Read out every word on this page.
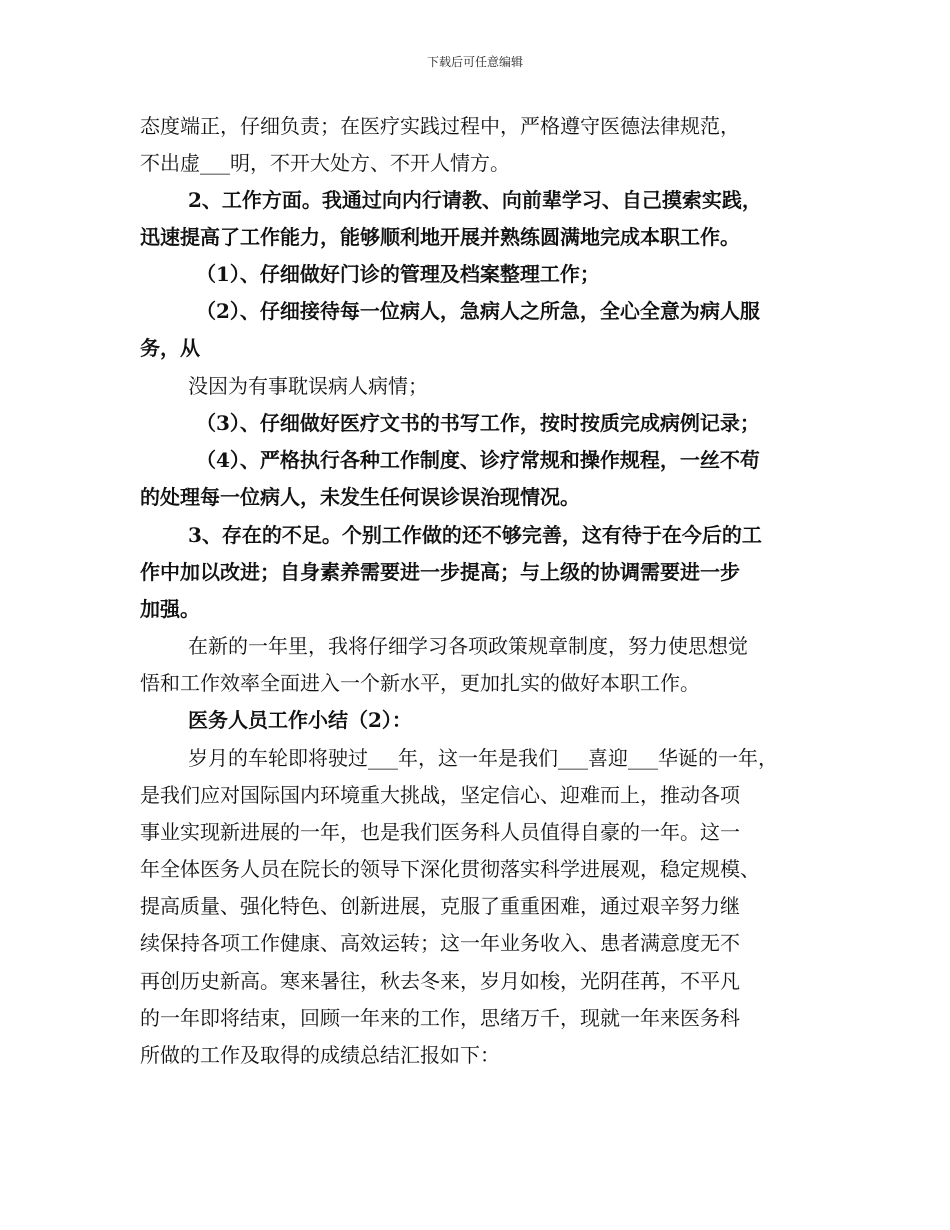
下载后可任意编辑
态度端正，仔细负责；在医疗实践过程中，严格遵守医德法律规范，
不出虚___明，不开大处方、不开人情方。
2、工作方面。我通过向内行请教、向前辈学习、自己摸索实践，
迅速提高了工作能力，能够顺利地开展并熟练圆满地完成本职工作。
（1）、仔细做好门诊的管理及档案整理工作；
（2）、仔细接待每一位病人，急病人之所急，全心全意为病人服
务，从
没因为有事耽误病人病情；
（3）、仔细做好医疗文书的书写工作，按时按质完成病例记录；
（4）、严格执行各种工作制度、诊疗常规和操作规程，一丝不苟
的处理每一位病人，未发生任何误诊误治现情况。
3、存在的不足。个别工作做的还不够完善，这有待于在今后的工
作中加以改进；自身素养需要进一步提高；与上级的协调需要进一步
加强。
在新的一年里，我将仔细学习各项政策规章制度，努力使思想觉
悟和工作效率全面进入一个新水平，更加扎实的做好本职工作。
医务人员工作小结（2）：
岁月的车轮即将驶过___年，这一年是我们___喜迎___华诞的一年，
是我们应对国际国内环境重大挑战，坚定信心、迎难而上，推动各项
事业实现新进展的一年，也是我们医务科人员值得自豪的一年。这一
年全体医务人员在院长的领导下深化贯彻落实科学进展观，稳定规模、
提高质量、强化特色、创新进展，克服了重重困难，通过艰辛努力继
续保持各项工作健康、高效运转；这一年业务收入、患者满意度无不
再创历史新高。寒来暑往，秋去冬来，岁月如梭，光阴荏苒，不平凡
的一年即将结束，回顾一年来的工作，思绪万千，现就一年来医务科
所做的工作及取得的成绩总结汇报如下：
